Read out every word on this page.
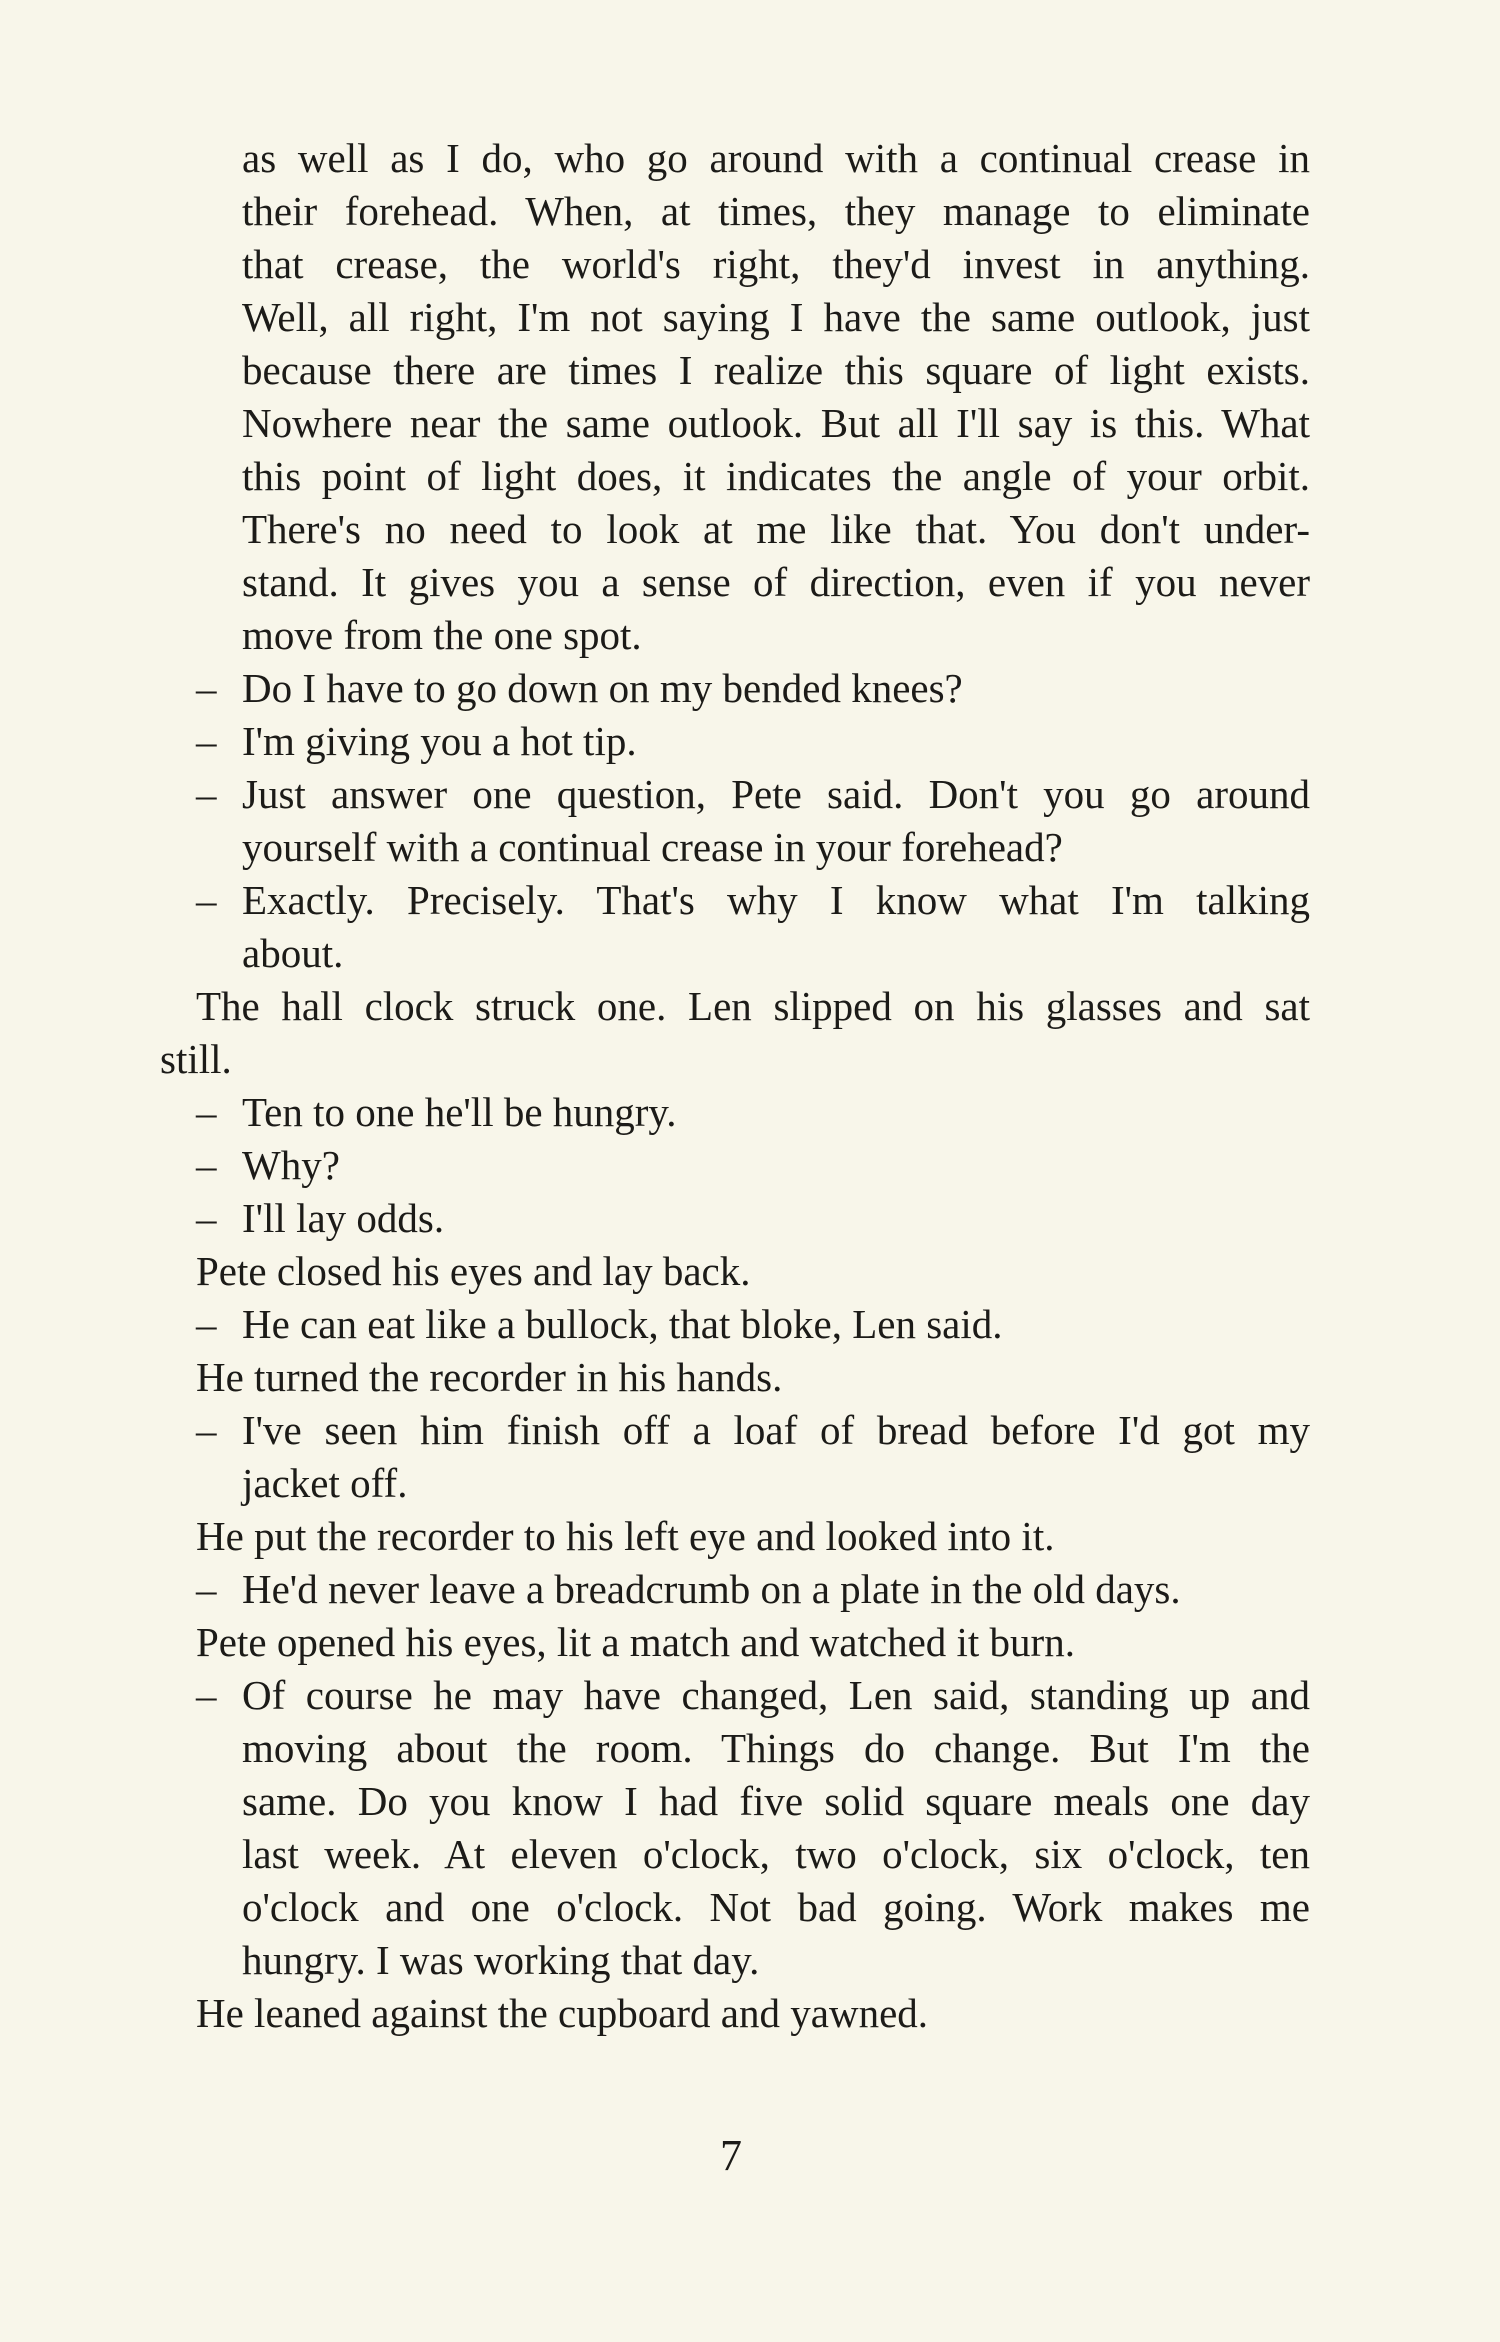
as well as I do, who go around with a continual crease in
their forehead. When, at times, they manage to eliminate
that crease, the world's right, they'd invest in anything.
Well, all right, I'm not saying I have the same outlook, just
because there are times I realize this square of light exists.
Nowhere near the same outlook. But all I'll say is this. What
this point of light does, it indicates the angle of your orbit.
There's no need to look at me like that. You don't under-
stand. It gives you a sense of direction, even if you never
move from the one spot.
– Do I have to go down on my bended knees?
– I'm giving you a hot tip.
– Just answer one question, Pete said. Don't you go around
yourself with a continual crease in your forehead?
– Exactly. Precisely. That's why I know what I'm talking
about.
The hall clock struck one. Len slipped on his glasses and sat
still.
– Ten to one he'll be hungry.
– Why?
– I'll lay odds.
Pete closed his eyes and lay back.
– He can eat like a bullock, that bloke, Len said.
He turned the recorder in his hands.
– I've seen him finish off a loaf of bread before I'd got my
jacket off.
He put the recorder to his left eye and looked into it.
– He'd never leave a breadcrumb on a plate in the old days.
Pete opened his eyes, lit a match and watched it burn.
– Of course he may have changed, Len said, standing up and
moving about the room. Things do change. But I'm the
same. Do you know I had five solid square meals one day
last week. At eleven o'clock, two o'clock, six o'clock, ten
o'clock and one o'clock. Not bad going. Work makes me
hungry. I was working that day.
He leaned against the cupboard and yawned.
7
